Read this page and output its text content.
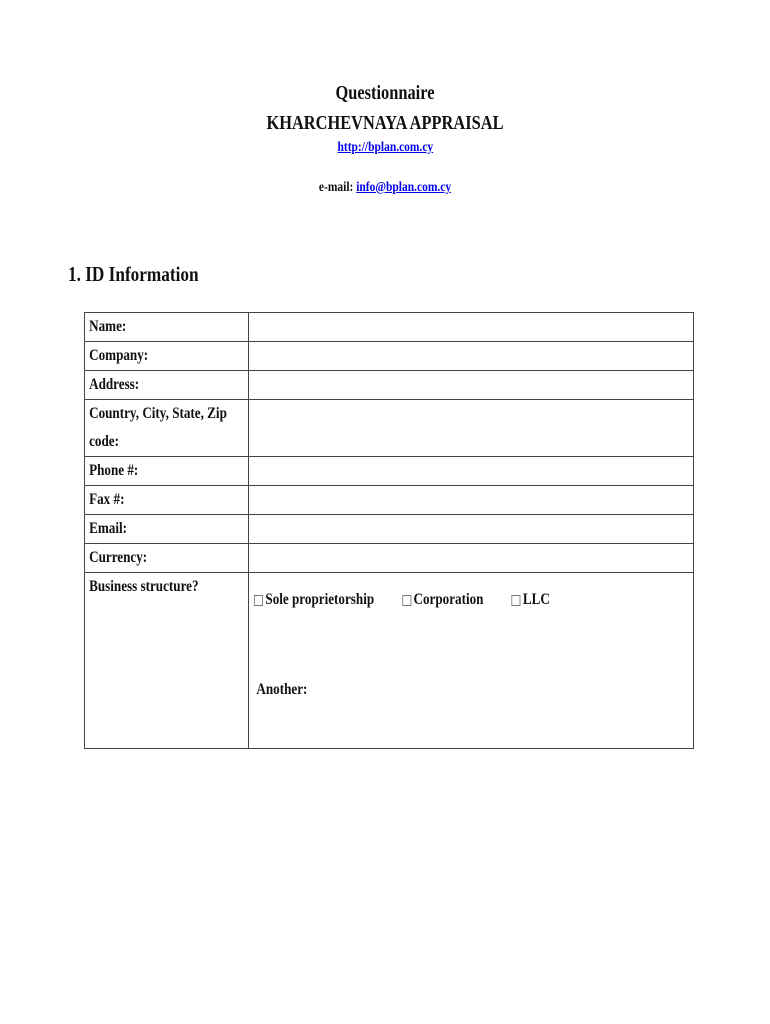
Questionnaire
KHARCHEVNAYA APPRAISAL
http://bplan.com.cy
e-mail: info@bplan.com.cy
1. ID Information
Name:	

Company:	

Address:	

Country, City, State, Zip
code:	

Phone #:	

Fax #:	

Email:	

Currency:	

Business structure?	Sole proprietorship Corporation LLC
Another:
